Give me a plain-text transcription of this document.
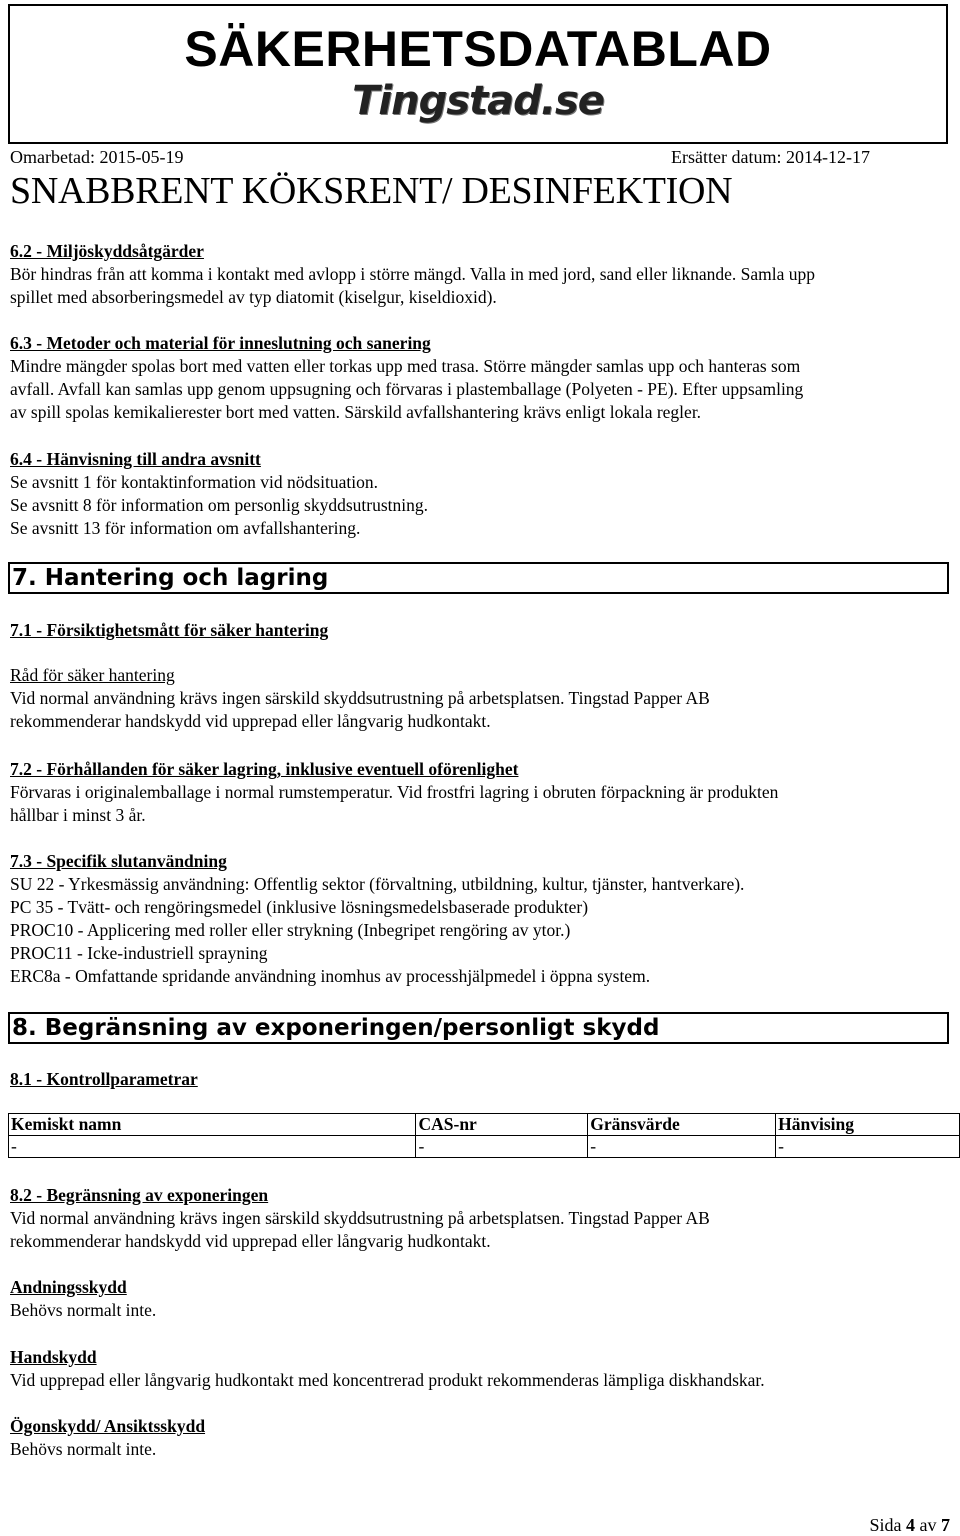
SÄKERHETSDATABLAD
Tingstad.se
Omarbetad: 2015-05-19	Ersätter datum: 2014-12-17
SNABBRENT KÖKSRENT/ DESINFEKTION
6.2 - Miljöskyddsåtgärder
Bör hindras från att komma i kontakt med avlopp i större mängd. Valla in med jord, sand eller liknande. Samla upp
spillet med absorberingsmedel av typ diatomit (kiselgur, kiseldioxid).
6.3 - Metoder och material för inneslutning och sanering
Mindre mängder spolas bort med vatten eller torkas upp med trasa. Större mängder samlas upp och hanteras som
avfall. Avfall kan samlas upp genom uppsugning och förvaras i plastemballage (Polyeten - PE). Efter uppsamling
av spill spolas kemikalierester bort med vatten. Särskild avfallshantering krävs enligt lokala regler.
6.4 - Hänvisning till andra avsnitt
Se avsnitt 1 för kontaktinformation vid nödsituation.
Se avsnitt 8 för information om personlig skyddsutrustning.
Se avsnitt 13 för information om avfallshantering.
7. Hantering och lagring
7.1 - Försiktighetsmått för säker hantering
Råd för säker hantering
Vid normal användning krävs ingen särskild skyddsutrustning på arbetsplatsen. Tingstad Papper AB
rekommenderar handskydd vid upprepad eller långvarig hudkontakt.
7.2 - Förhållanden för säker lagring, inklusive eventuell oförenlighet
Förvaras i originalemballage i normal rumstemperatur. Vid frostfri lagring i obruten förpackning är produkten
hållbar i minst 3 år.
7.3 - Specifik slutanvändning
SU 22 - Yrkesmässig användning: Offentlig sektor (förvaltning, utbildning, kultur, tjänster, hantverkare).
PC 35 - Tvätt- och rengöringsmedel (inklusive lösningsmedelsbaserade produkter)
PROC10 - Applicering med roller eller strykning (Inbegripet rengöring av ytor.)
PROC11 - Icke-industriell sprayning
ERC8a - Omfattande spridande användning inomhus av processhjälpmedel i öppna system.
8. Begränsning av exponeringen/personligt skydd
8.1 - Kontrollparametrar
Kemiskt namn	CAS-nr	Gränsvärde	Hänvising
-	-	-	-
8.2 - Begränsning av exponeringen
Vid normal användning krävs ingen särskild skyddsutrustning på arbetsplatsen. Tingstad Papper AB
rekommenderar handskydd vid upprepad eller långvarig hudkontakt.
Andningsskydd
Behövs normalt inte.
Handskydd
Vid upprepad eller långvarig hudkontakt med koncentrerad produkt rekommenderas lämpliga diskhandskar.
Ögonskydd/ Ansiktsskydd
Behövs normalt inte.
Sida 4 av 7
